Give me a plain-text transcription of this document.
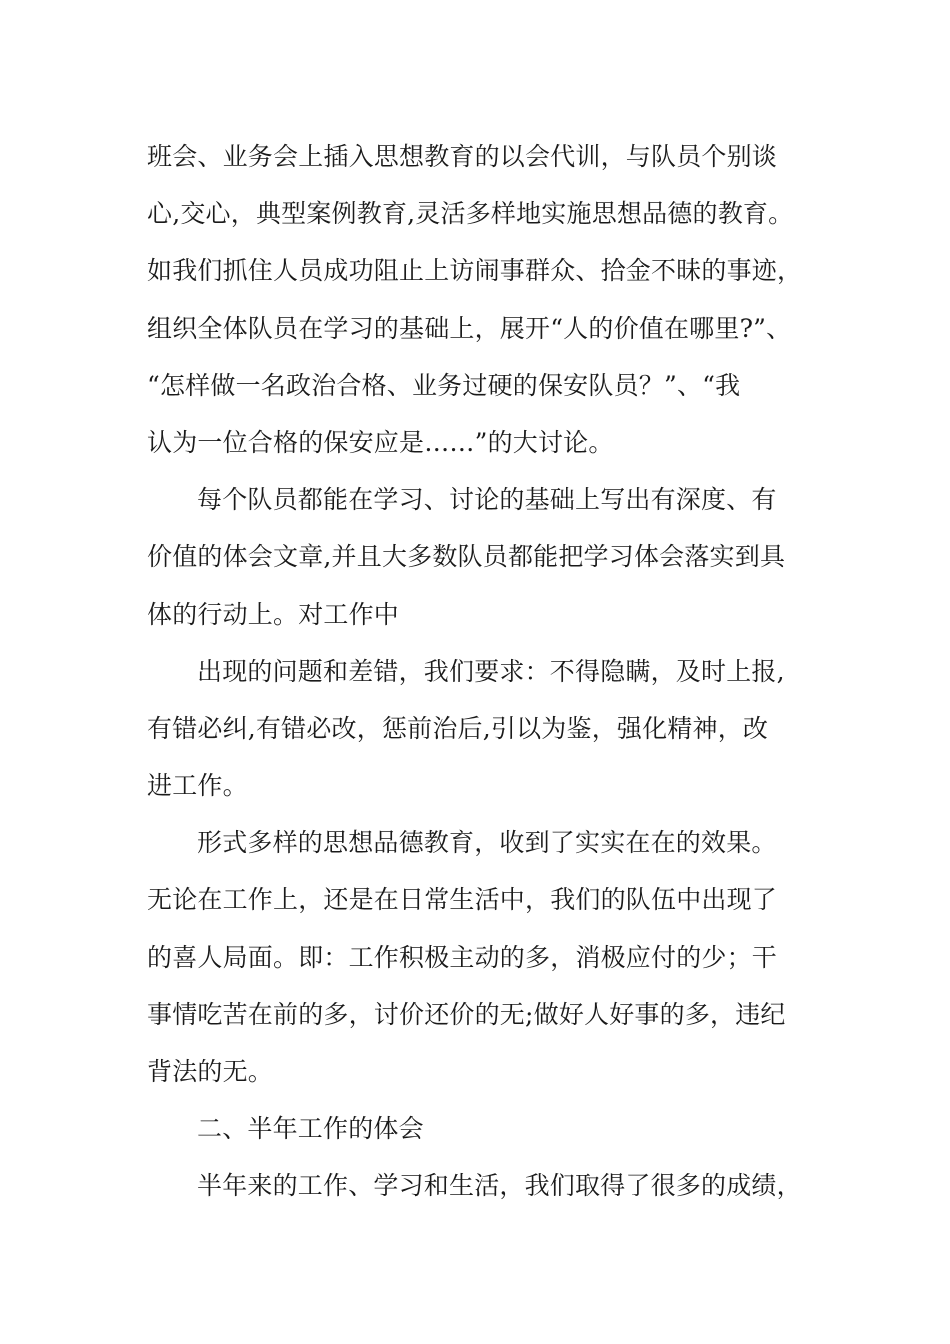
班会、业务会上插入思想教育的以会代训，与队员个别谈
心,交心，典型案例教育,灵活多样地实施思想品德的教育。
如我们抓住人员成功阻止上访闹事群众、拾金不昧的事迹，
组织全体队员在学习的基础上，展开“人的价值在哪里?”、
“怎样做一名政治合格、业务过硬的保安队员？”、“我
认为一位合格的保安应是……”的大讨论。
每个队员都能在学习、讨论的基础上写出有深度、有
价值的体会文章,并且大多数队员都能把学习体会落实到具
体的行动上。对工作中
出现的问题和差错，我们要求：不得隐瞒，及时上报,
有错必纠,有错必改，惩前治后,引以为鉴，强化精神，改
进工作。
形式多样的思想品德教育，收到了实实在在的效果。
无论在工作上，还是在日常生活中，我们的队伍中出现了
的喜人局面。即：工作积极主动的多，消极应付的少；干
事情吃苦在前的多，讨价还价的无;做好人好事的多，违纪
背法的无。
二、半年工作的体会
半年来的工作、学习和生活，我们取得了很多的成绩，
